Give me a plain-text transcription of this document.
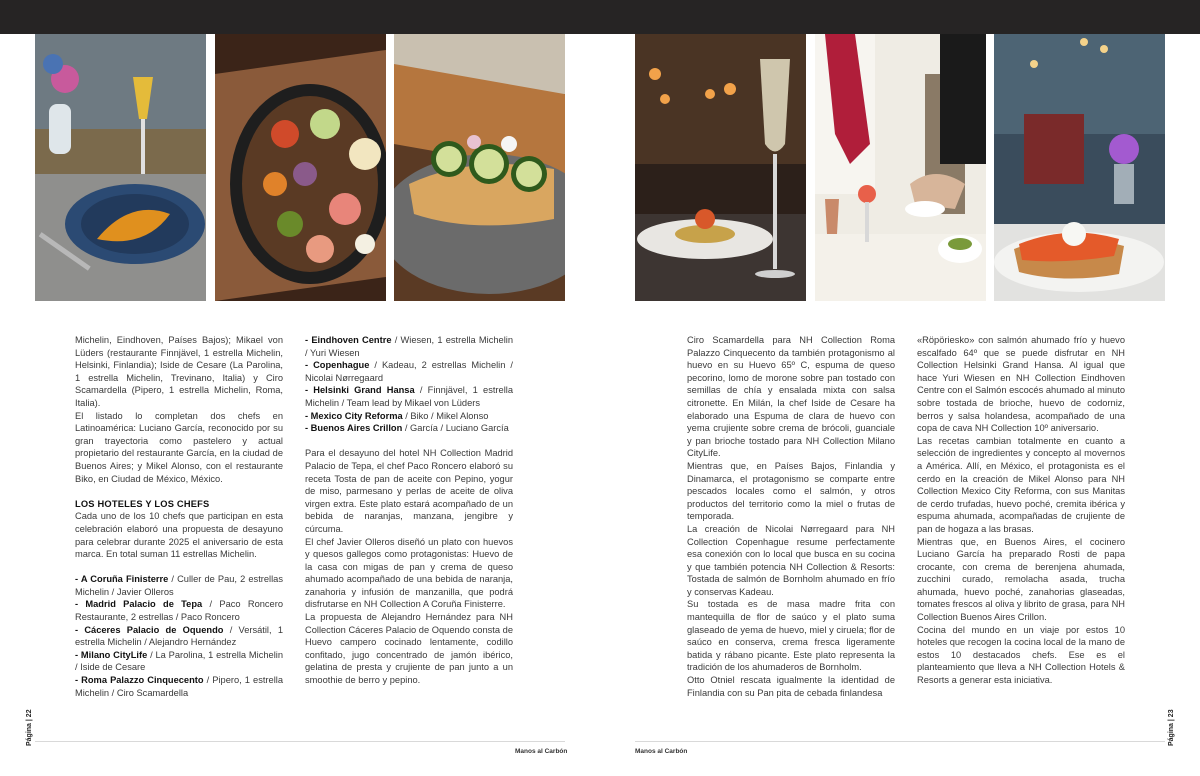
Michelin, Eindhoven, Países Bajos); Mikael von Lüders (restaurante Finnjävel, 1 estrella Michelin, Helsinki, Finlandia); Iside de Cesare (La Parolina, 1 estrella Michelin, Trevinano, Italia) y Ciro Scamardella (Pipero, 1 estrella Michelin, Roma, Italia).

El listado lo completan dos chefs en Latinoamérica: Luciano García, reconocido por su gran trayectoria como pastelero y actual propietario del restaurante García, en la ciudad de Buenos Aires; y Mikel Alonso, con el restaurante Biko, en Ciudad de México, México.

LOS HOTELES Y LOS CHEFS

Cada uno de los 10 chefs que participan en esta celebración elaboró una propuesta de desayuno para celebrar durante 2025 el aniversario de esta marca. En total suman 11 estrellas Michelin.

- A Coruña Finisterre / Culler de Pau, 2 estrellas Michelin / Javier Olleros

- Madrid Palacio de Tepa / Paco Roncero Restaurante, 2 estrellas / Paco Roncero

- Cáceres Palacio de Oquendo / Versátil, 1 estrella Michelin / Alejandro Hernández

- Milano CityLife / La Parolina, 1 estrella Michelin / Iside de Cesare

- Roma Palazzo Cinquecento / Pipero, 1 estrella Michelin / Ciro Scamardella

- Eindhoven Centre / Wiesen, 1 estrella Michelin / Yuri Wiesen

- Copenhague / Kadeau, 2 estrellas Michelin / Nicolai Nørregaard

- Helsinki Grand Hansa / Finnjävel, 1 estrella Michelin / Team lead by Mikael von Lüders

- Mexico City Reforma / Biko / Mikel Alonso

- Buenos Aires Crillon / García / Luciano García

Para el desayuno del hotel NH Collection Madrid Palacio de Tepa, el chef Paco Roncero elaboró su receta Tosta de pan de aceite con Pepino, yogur de miso, parmesano y perlas de aceite de oliva virgen extra. Este plato estará acompañado de un bebida de naranjas, manzana, jengibre y cúrcuma.

El chef Javier Olleros diseñó un plato con huevos y quesos gallegos como protagonistas: Huevo de la casa con migas de pan y crema de queso ahumado acompañado de una bebida de naranja, zanahoria y infusión de manzanilla, que podrá disfrutarse en NH Collection A Coruña Finisterre.

La propuesta de Alejandro Hernández para NH Collection Cáceres Palacio de Oquendo consta de Huevo campero cocinado lentamente, codillo confitado, jugo concentrado de jamón ibérico, gelatina de presta y crujiente de pan junto a un smoothie de berro y pepino.

Ciro Scamardella para NH Collection Roma Palazzo Cinquecento da también protagonismo al huevo en su Huevo 65º C, espuma de queso pecorino, lomo de morone sobre pan tostado con semillas de chía y ensalada mixta con salsa citronette. En Milán, la chef Iside de Cesare ha elaborado una Espuma de clara de huevo con yema crujiente sobre crema de brócoli, guanciale y pan brioche tostado para NH Collection Milano CityLife.

Mientras que, en Países Bajos, Finlandia y Dinamarca, el protagonismo se comparte entre pescados locales como el salmón, y otros productos del territorio como la miel o frutas de temporada.

La creación de Nicolai Nørregaard para NH Collection Copenhague resume perfectamente esa conexión con lo local que busca en su cocina y que también potencia NH Collection & Resorts: Tostada de salmón de Bornholm ahumado en frío y conservas Kadeau.

Su tostada es de masa madre frita con mantequilla de flor de saúco y el plato suma glaseado de yema de huevo, miel y ciruela; flor de saúco en conserva, crema fresca ligeramente batida y rábano picante. Este plato representa la tradición de los ahumaderos de Bornholm.

Otto Otniel rescata igualmente la identidad de Finlandia con su Pan pita de cebada finlandesa

«Röpöriesko» con salmón ahumado frío y huevo escalfado 64º que se puede disfrutar en NH Collection Helsinki Grand Hansa. Al igual que hace Yuri Wiesen en NH Collection Eindhoven Centre con el Salmón escocés ahumado al minuto sobre tostada de brioche, huevo de codorniz, berros y salsa holandesa, acompañado de una copa de cava NH Collection 10º aniversario.

Las recetas cambian totalmente en cuanto a selección de ingredientes y concepto al movernos a América. Allí, en México, el protagonista es el cerdo en la creación de Mikel Alonso para NH Collection Mexico City Reforma, con sus Manitas de cerdo trufadas, huevo poché, cremita ibérica y espuma ahumada, acompañadas de crujiente de pan de hogaza a las brasas.

Mientras que, en Buenos Aires, el cocinero Luciano García ha preparado Rosti de papa crocante, con crema de berenjena ahumada, zucchini curado, remolacha asada, trucha ahumada, huevo poché, zanahorias glaseadas, tomates frescos al oliva y librito de grasa, para NH Collection Buenos Aires Crillon.

Cocina del mundo en un viaje por estos 10 hoteles que recogen la cocina local de la mano de estos 10 destacados chefs. Ese es el planteamiento que lleva a NH Collection Hotels & Resorts a generar esta iniciativa.

Página | 22	Página | 23
Manos al Carbón	Manos al Carbón
